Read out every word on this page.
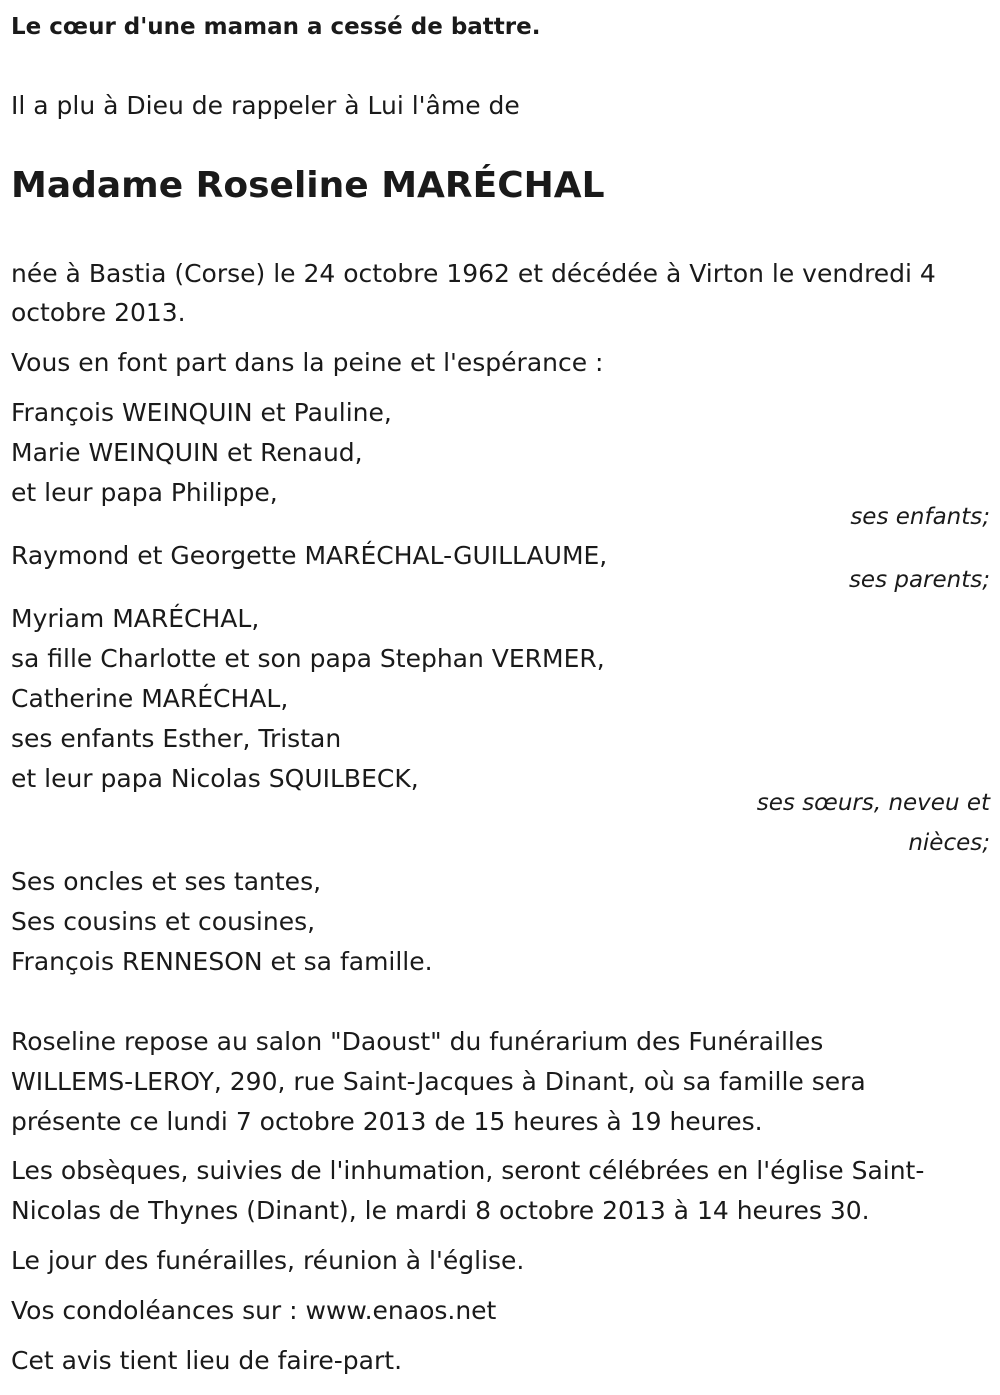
Le cœur d'une maman a cessé de battre.

Il a plu à Dieu de rappeler à Lui l'âme de

Madame Roseline MARÉCHAL

née à Bastia (Corse) le 24 octobre 1962 et décédée à Virton le vendredi 4

octobre 2013.

Vous en font part dans la peine et l'espérance :

François WEINQUIN et Pauline,

Marie WEINQUIN et Renaud,

et leur papa Philippe,

ses enfants;

Raymond et Georgette MARÉCHAL-GUILLAUME,

ses parents;

Myriam MARÉCHAL,

sa fille Charlotte et son papa Stephan VERMER,

Catherine MARÉCHAL,

ses enfants Esther, Tristan

et leur papa Nicolas SQUILBECK,

ses sœurs, neveu et

nièces;

Ses oncles et ses tantes,

Ses cousins et cousines,

François RENNESON et sa famille.

Roseline repose au salon "Daoust" du funérarium des Funérailles

WILLEMS-LEROY, 290, rue Saint-Jacques à Dinant, où sa famille sera

présente ce lundi 7 octobre 2013 de 15 heures à 19 heures.

Les obsèques, suivies de l'inhumation, seront célébrées en l'église Saint-

Nicolas de Thynes (Dinant), le mardi 8 octobre 2013 à 14 heures 30.

Le jour des funérailles, réunion à l'église.

Vos condoléances sur : www.enaos.net

Cet avis tient lieu de faire-part.
